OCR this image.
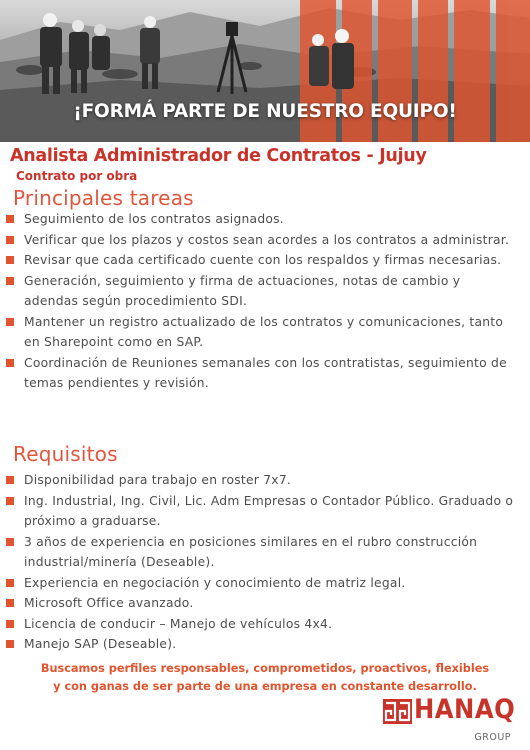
¡FORMÁ PARTE DE NUESTRO EQUIPO!
Analista Administrador de Contratos - Jujuy
Contrato por obra
Principales tareas
Seguimiento de los contratos asignados.
Verificar que los plazos y costos sean acordes a los contratos a administrar.
Revisar que cada certificado cuente con los respaldos y firmas necesarias.
Generación, seguimiento y firma de actuaciones, notas de cambio y adendas según procedimiento SDI.
Mantener un registro actualizado de los contratos y comunicaciones, tanto en Sharepoint como en SAP.
Coordinación de Reuniones semanales con los contratistas, seguimiento de temas pendientes y revisión.
Requisitos
Disponibilidad para trabajo en roster 7x7.
Ing. Industrial, Ing. Civil, Lic. Adm Empresas o Contador Público. Graduado o próximo a graduarse.
3 años de experiencia en posiciones similares en el rubro construcción industrial/minería (Deseable).
Experiencia en negociación y conocimiento de matriz legal.
Microsoft Office avanzado.
Licencia de conducir – Manejo de vehículos 4x4.
Manejo SAP (Deseable).
Buscamos perfiles responsables, comprometidos, proactivos, flexibles
y con ganas de ser parte de una empresa en constante desarrollo.
HANAQ
GROUP
